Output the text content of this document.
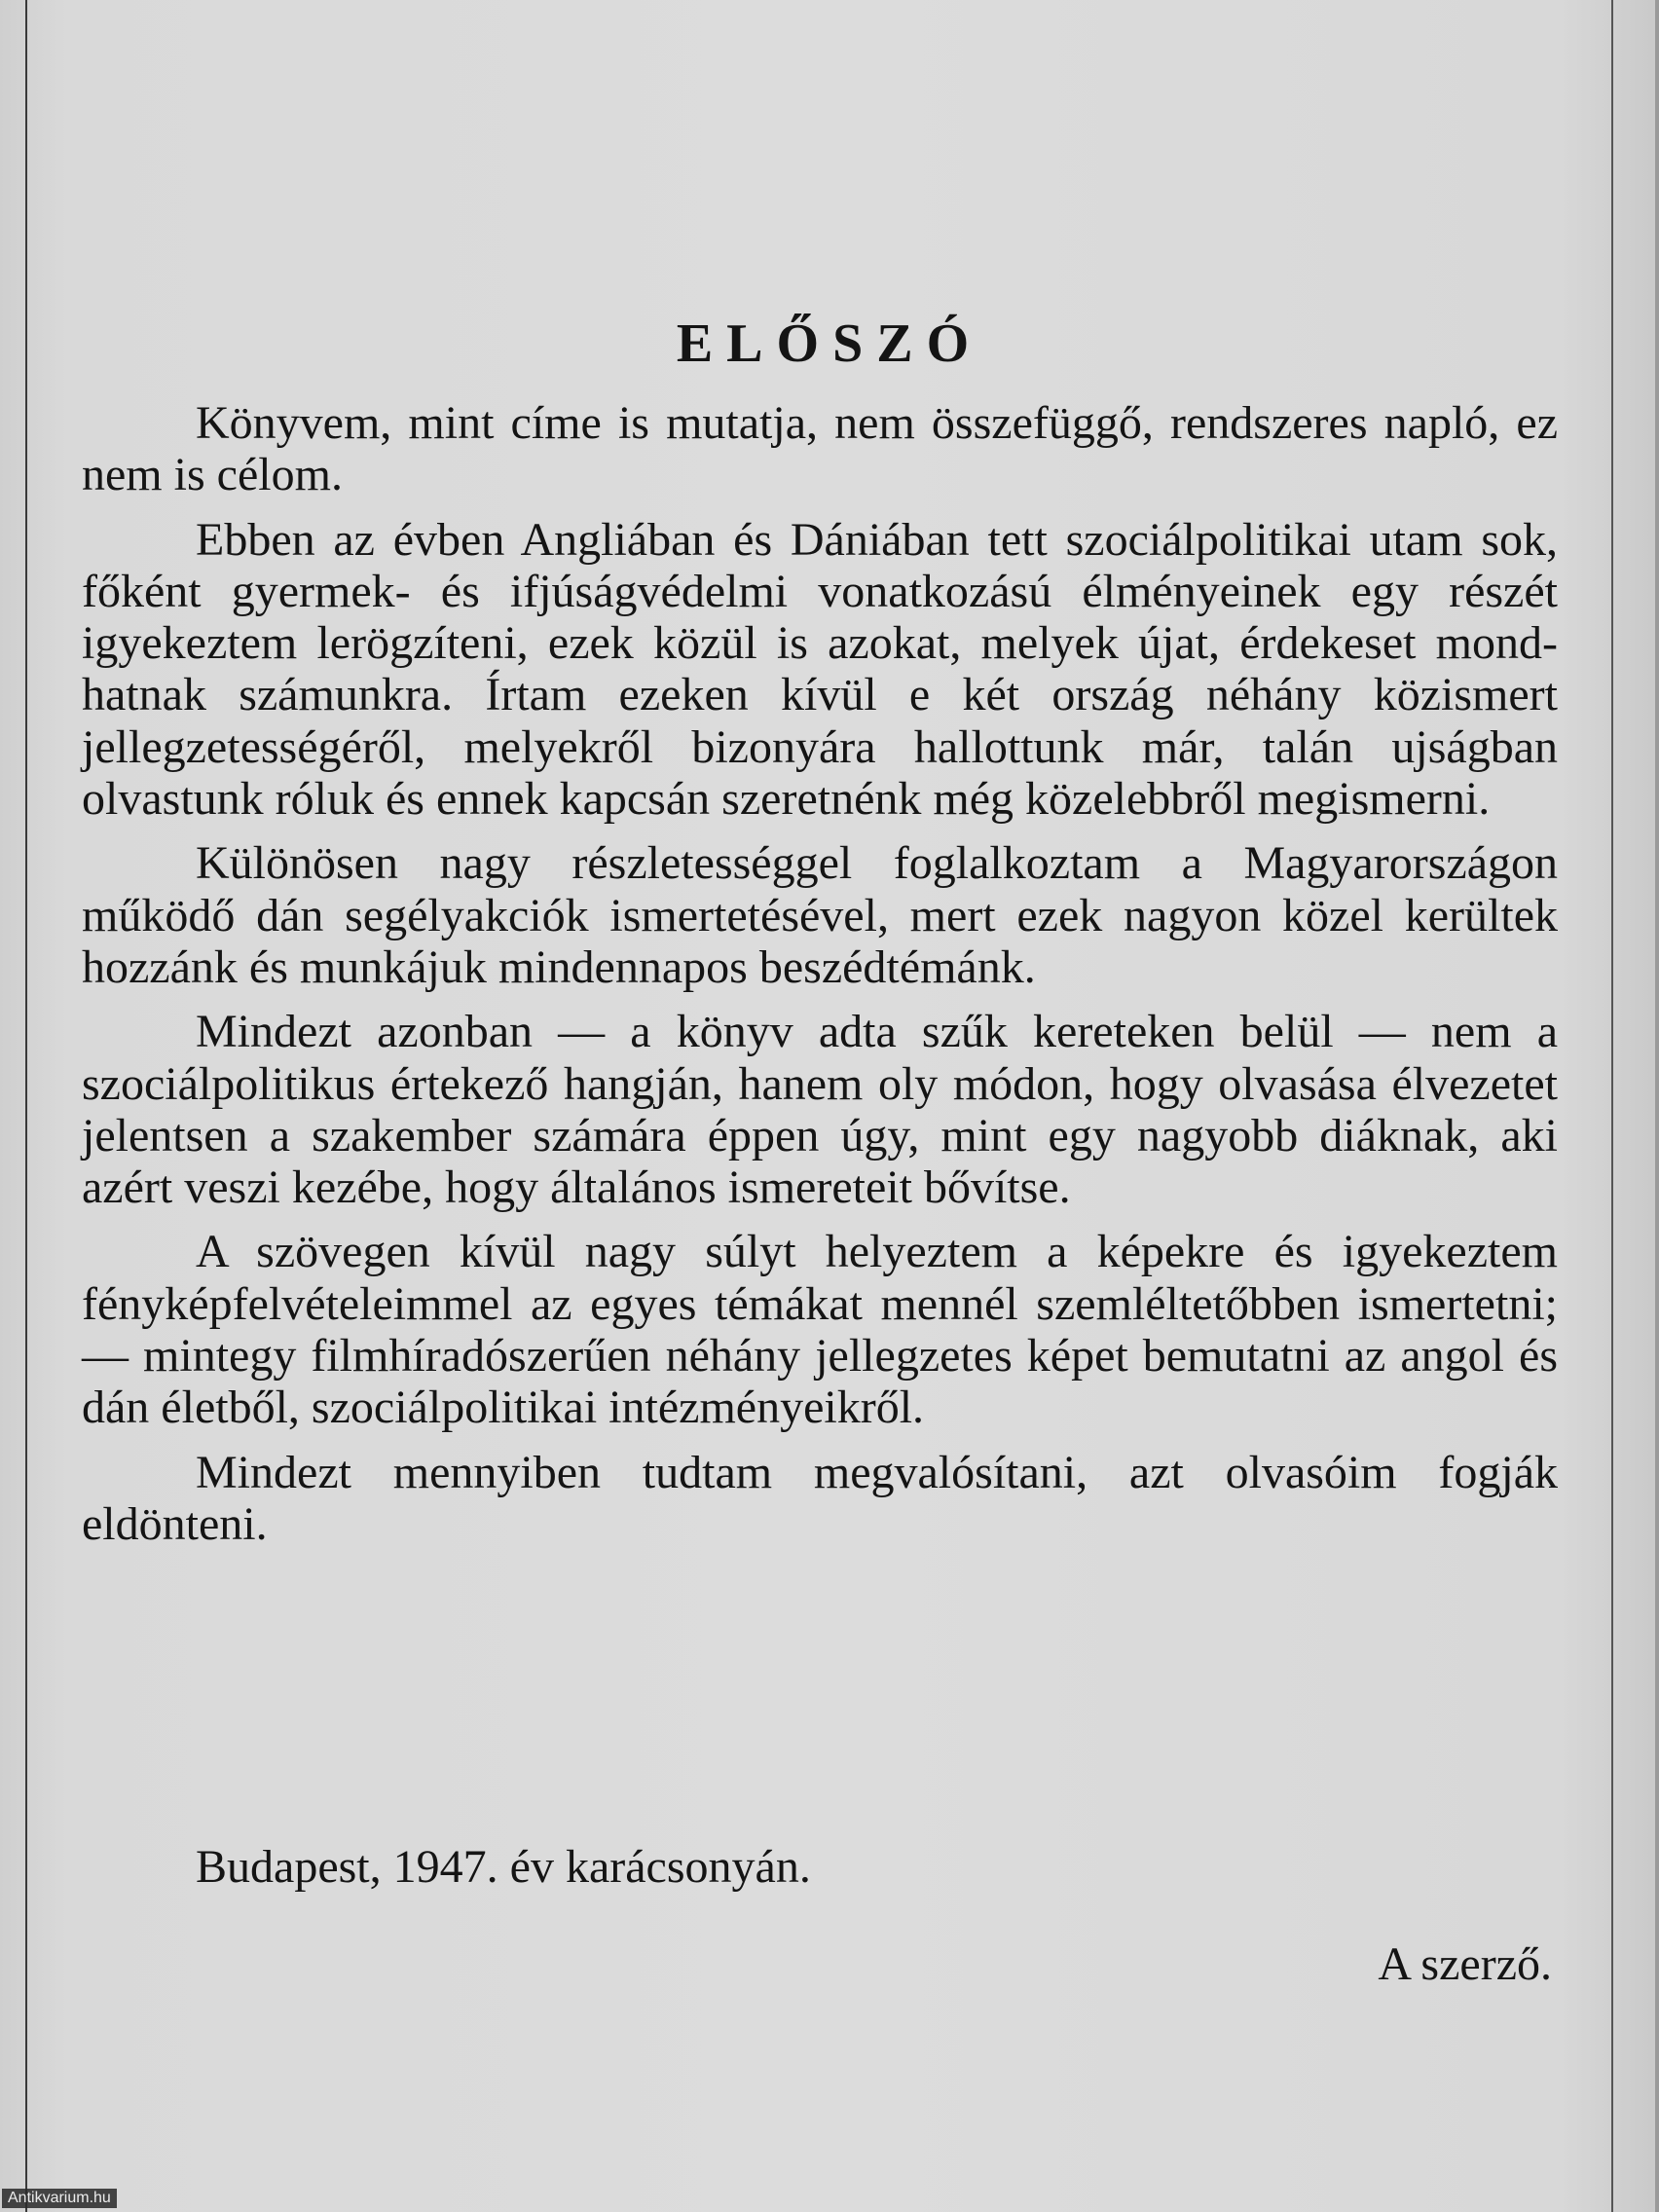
ELŐSZÓ

Könyvem, mint címe is mutatja, nem összefüggő, rendszeres napló, ez nem is célom.

Ebben az évben Angliában és Dániában tett szociálpolitikai utam sok, főként gyermek- és ifjúságvédelmi vonatkozású élményeinek egy részét igyekeztem lerögzíteni, ezek közül is azokat, melyek újat, érdekeset mondhatnak számunkra. Írtam ezeken kívül e két ország néhány közismert jellegzetességéről, melyekről bizonyára hallottunk már, talán ujságban olvastunk róluk és ennek kapcsán szeretnénk még közelebbről megismerni.

Különösen nagy részletességgel foglalkoztam a Magyarországon működő dán segélyakciók ismertetésével, mert ezek nagyon közel kerültek hozzánk és munkájuk mindennapos beszédtémánk.

Mindezt azonban — a könyv adta szűk kereteken belül — nem a szociálpolitikus értekező hangján, hanem oly módon, hogy olvasása élvezetet jelentsen a szakember számára éppen úgy, mint egy nagyobb diáknak, aki azért veszi kezébe, hogy általános ismereteit bővítse.

A szövegen kívül nagy súlyt helyeztem a képekre és igyekeztem fényképfelvételeimmel az egyes témákat mennél szemléltetőbben ismertetni; — mintegy filmhíradószerűen néhány jellegzetes képet bemutatni az angol és dán életből, szociálpolitikai intézményeikről.

Mindezt mennyiben tudtam megvalósítani, azt olvasóim fogják eldönteni.

Budapest, 1947. év karácsonyán.
A szerző.
Antikvarium.hu
